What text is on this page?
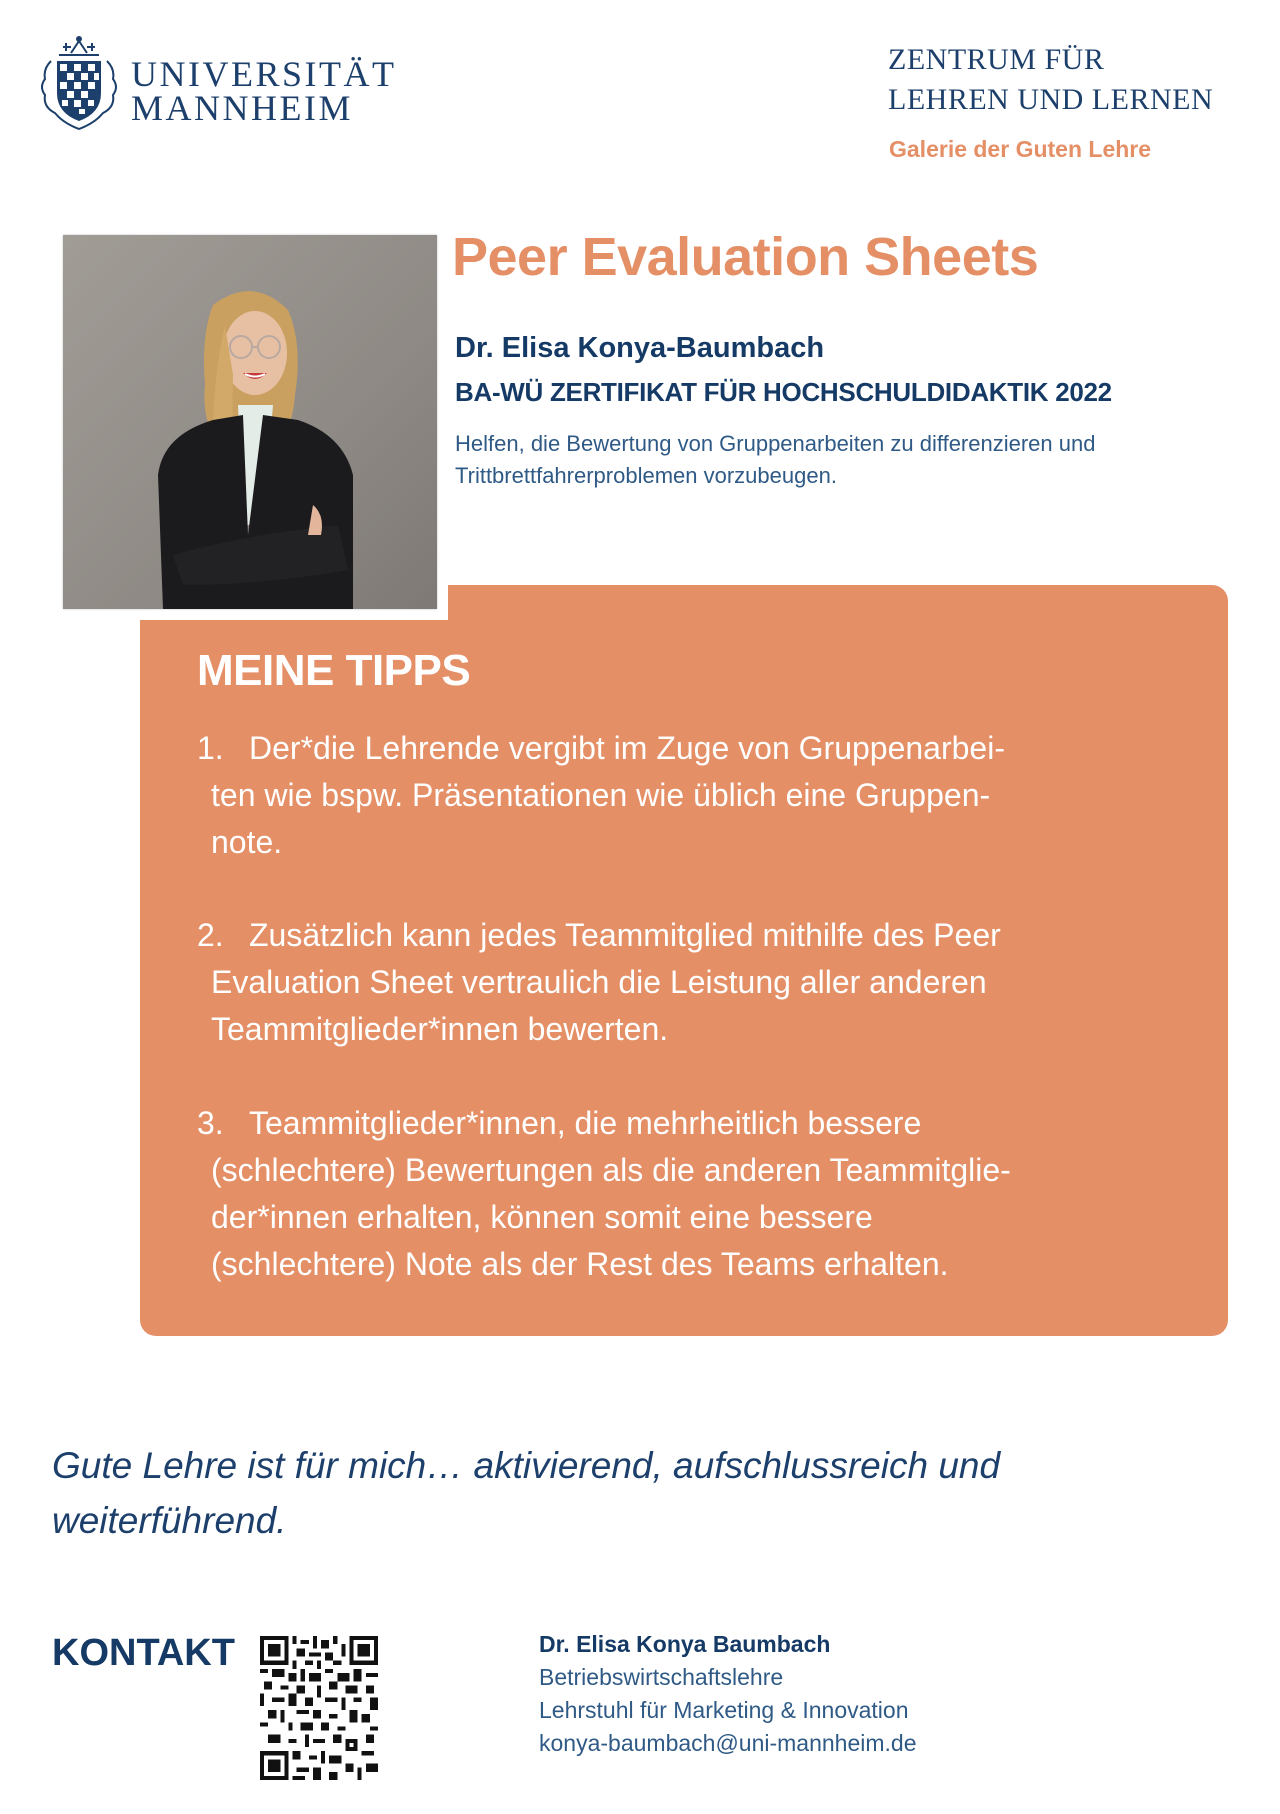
UNIVERSITÄT
MANNHEIM
ZENTRUM FÜR
LEHREN UND LERNEN
Galerie der Guten Lehre
Peer Evaluation Sheets
Dr. Elisa Konya-Baumbach
BA-WÜ ZERTIFIKAT FÜR HOCHSCHULDIDAKTIK 2022
Helfen, die Bewertung von Gruppenarbeiten zu differenzieren und
Trittbrettfahrerproblemen vorzubeugen.
MEINE TIPPS
1. Der*die Lehrende vergibt im Zuge von Gruppenarbei-
ten wie bspw. Präsentationen wie üblich eine Gruppen-
note.
2. Zusätzlich kann jedes Teammitglied mithilfe des Peer
Evaluation Sheet vertraulich die Leistung aller anderen
Teammitglieder*innen bewerten.
3. Teammitglieder*innen, die mehrheitlich bessere
(schlechtere) Bewertungen als die anderen Teammitglie-
der*innen erhalten, können somit eine bessere
(schlechtere) Note als der Rest des Teams erhalten.
Gute Lehre ist für mich… aktivierend, aufschlussreich und
weiterführend.
KONTAKT	Dr. Elisa Konya Baumbach
Betriebswirtschaftslehre
Lehrstuhl für Marketing & Innovation
konya-baumbach@uni-mannheim.de
